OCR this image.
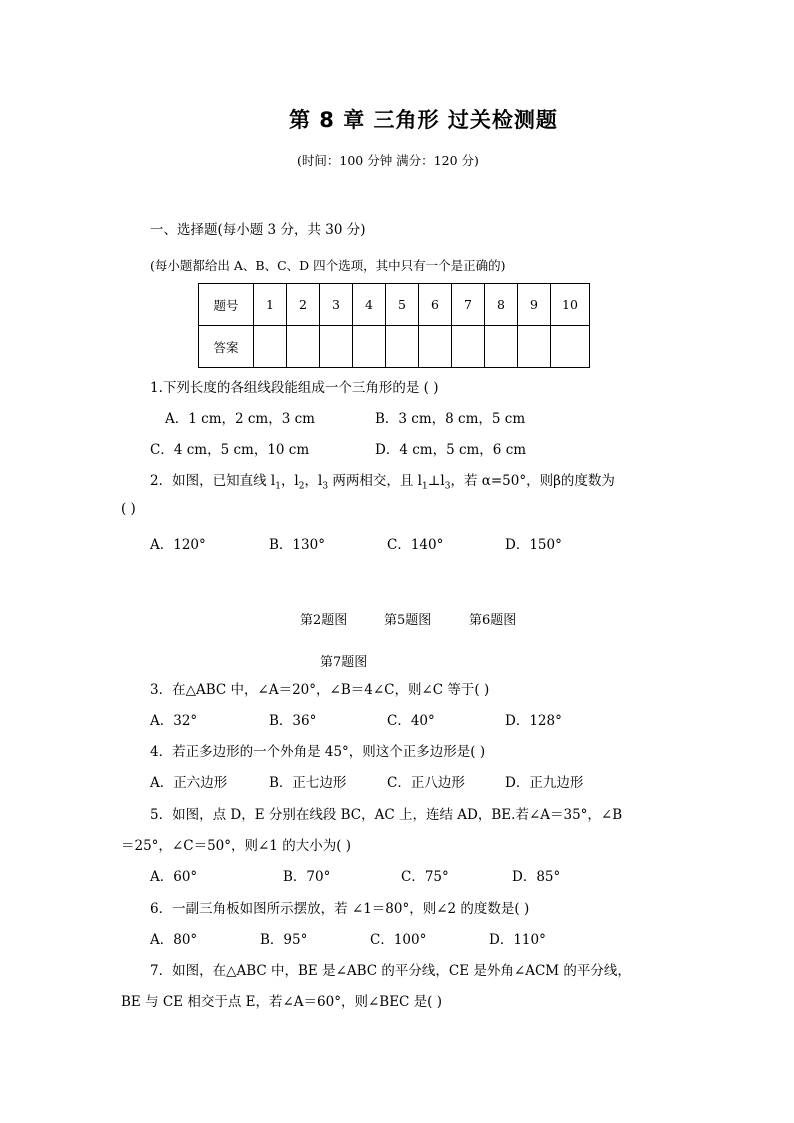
第 8 章 三角形 过关检测题
(时间：100 分钟 满分：120 分)
一、选择题(每小题 3 分，共 30 分)
(每小题都给出 A、B、C、D 四个选项，其中只有一个是正确的)
题号	1	2	3	4	5	6	7	8	9	10
答案										
1.下列长度的各组线段能组成一个三角形的是 ( )
A．1 cm，2 cm，3 cm	B．3 cm，8 cm，5 cm
C．4 cm，5 cm，10 cm	D．4 cm，5 cm，6 cm
2．如图，已知直线 $l_1$，$l_2$，$l_3$ 两两相交，且 $l_1\perp l_3$，若 α=50°，则β的度数为
( )
A．120°	B．130°	C．140°	D．150°
第2题图	第5题图	第6题图
第7题图
3．在△ABC 中，∠A＝20°，∠B＝4∠C，则∠C 等于( )
A．32°	B．36°	C．40°	D．128°
4．若正多边形的一个外角是 45°，则这个正多边形是( )
A．正六边形	B．正七边形	C．正八边形	D．正九边形
5．如图，点 D，E 分别在线段 BC，AC 上，连结 AD，BE.若∠A＝35°，∠B
＝25°，∠C＝50°，则∠1 的大小为( )
A．60°	B．70°	C．75°	D．85°
6．一副三角板如图所示摆放，若 ∠1＝80°，则∠2 的度数是( )
A．80°	B．95°	C．100°	D．110°
7．如图，在△ABC 中，BE 是∠ABC 的平分线，CE 是外角∠ACM 的平分线，
BE 与 CE 相交于点 E，若∠A＝60°，则∠BEC 是( )
